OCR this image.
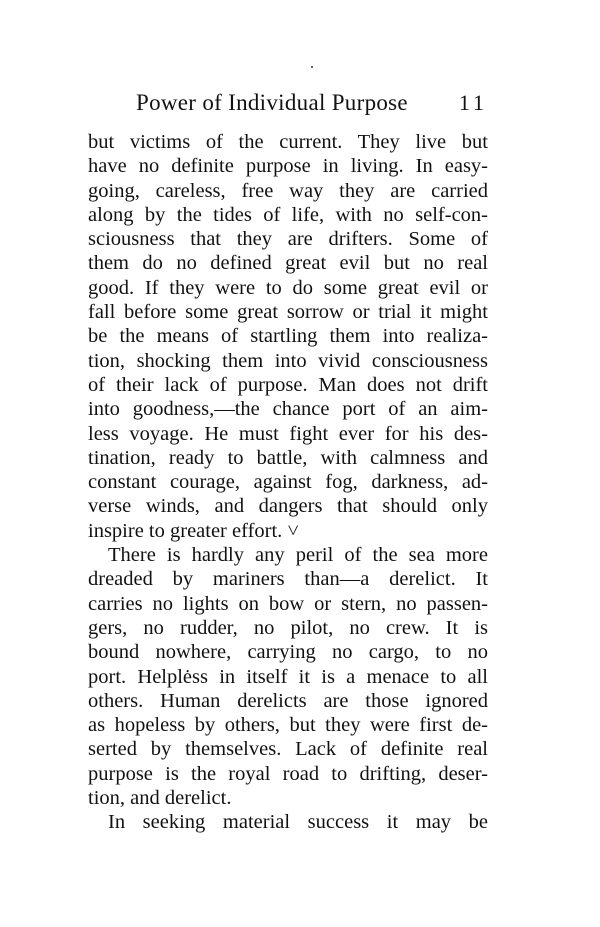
Power of Individual Purpose 11
but victims of the current. They live but
have no definite purpose in living. In easy-
going, careless, free way they are carried
along by the tides of life, with no self-con-
sciousness that they are drifters. Some of
them do no defined great evil but no real
good. If they were to do some great evil or
fall before some great sorrow or trial it might
be the means of startling them into realiza-
tion, shocking them into vivid consciousness
of their lack of purpose. Man does not drift
into goodness,—the chance port of an aim-
less voyage. He must fight ever for his des-
tination, ready to battle, with calmness and
constant courage, against fog, darkness, ad-
verse winds, and dangers that should only
inspire to greater effort. ˅
There is hardly any peril of the sea more
dreaded by mariners than—a derelict. It
carries no lights on bow or stern, no passen-
gers, no rudder, no pilot, no crew. It is
bound nowhere, carrying no cargo, to no
port. Helplėss in itself it is a menace to all
others. Human derelicts are those ignored
as hopeless by others, but they were first de-
serted by themselves. Lack of definite real
purpose is the royal road to drifting, deser-
tion, and derelict.
In seeking material success it may be
